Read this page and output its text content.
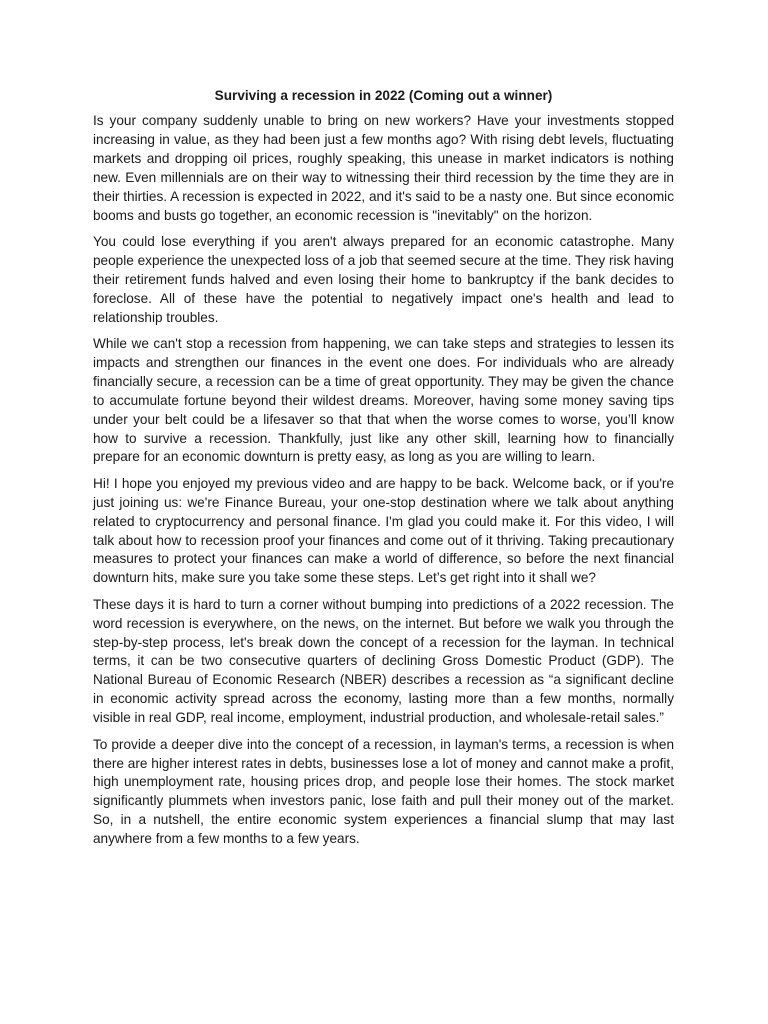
Surviving a recession in 2022 (Coming out a winner)

Is your company suddenly unable to bring on new workers? Have your investments stopped increasing in value, as they had been just a few months ago? With rising debt levels, fluctuating markets and dropping oil prices, roughly speaking, this unease in market indicators is nothing new. Even millennials are on their way to witnessing their third recession by the time they are in their thirties. A recession is expected in 2022, and it's said to be a nasty one. But since economic booms and busts go together, an economic recession is "inevitably" on the horizon.

You could lose everything if you aren't always prepared for an economic catastrophe. Many people experience the unexpected loss of a job that seemed secure at the time. They risk having their retirement funds halved and even losing their home to bankruptcy if the bank decides to foreclose. All of these have the potential to negatively impact one's health and lead to relationship troubles.

While we can't stop a recession from happening, we can take steps and strategies to lessen its impacts and strengthen our finances in the event one does. For individuals who are already financially secure, a recession can be a time of great opportunity. They may be given the chance to accumulate fortune beyond their wildest dreams. Moreover, having some money saving tips under your belt could be a lifesaver so that that when the worse comes to worse, you’ll know how to survive a recession. Thankfully, just like any other skill, learning how to financially prepare for an economic downturn is pretty easy, as long as you are willing to learn.

Hi! I hope you enjoyed my previous video and are happy to be back. Welcome back, or if you're just joining us: we're Finance Bureau, your one-stop destination where we talk about anything related to cryptocurrency and personal finance. I'm glad you could make it. For this video, I will talk about how to recession proof your finances and come out of it thriving. Taking precautionary measures to protect your finances can make a world of difference, so before the next financial downturn hits, make sure you take some these steps. Let’s get right into it shall we?

These days it is hard to turn a corner without bumping into predictions of a 2022 recession. The word recession is everywhere, on the news, on the internet. But before we walk you through the step-by-step process, let's break down the concept of a recession for the layman. In technical terms, it can be two consecutive quarters of declining Gross Domestic Product (GDP). The National Bureau of Economic Research (NBER) describes a recession as “a significant decline in economic activity spread across the economy, lasting more than a few months, normally visible in real GDP, real income, employment, industrial production, and wholesale-retail sales.”

To provide a deeper dive into the concept of a recession, in layman's terms, a recession is when there are higher interest rates in debts, businesses lose a lot of money and cannot make a profit, high unemployment rate, housing prices drop, and people lose their homes. The stock market significantly plummets when investors panic, lose faith and pull their money out of the market. So, in a nutshell, the entire economic system experiences a financial slump that may last anywhere from a few months to a few years.
